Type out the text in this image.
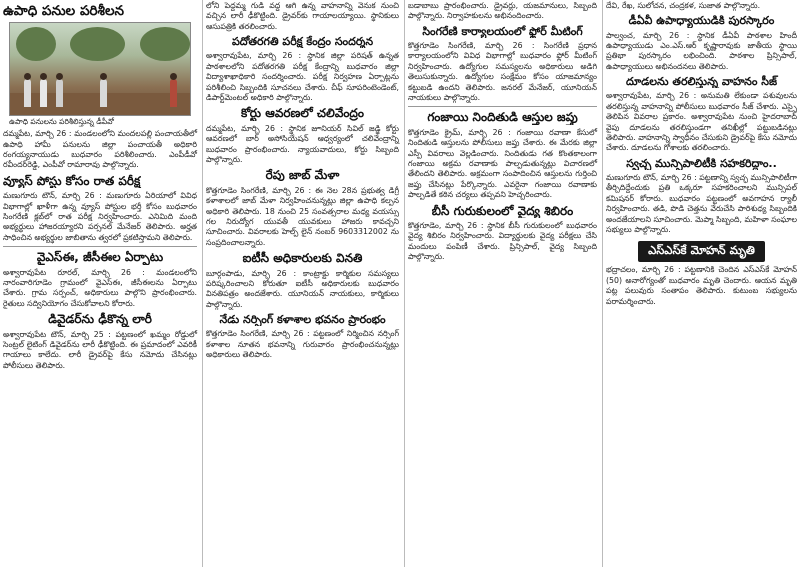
ఉపాధి పనుల పరిశీలన
ఉపాధి పనులను పరిశీలిస్తున్న డీపీవో

దమ్మపేట, మార్చి 26 : మండలంలోని మందలపల్లి పంచాయతీలో ఉపాధి హామీ పనులను జిల్లా పంచాయతీ అధికారి రంగయ్యనాయుడు బుధవారం పరిశీలించారు. ఎంపీడీవో రవీందర్‌రెడ్డి, ఎంపీవో రామారావు పాల్గొన్నారు.

వ్యూస్ పోస్టు కోసం రాత పరీక్ష

మణుగూరు టౌన్, మార్చి 26 : మణుగూరు ఏరియాలో వివిధ విభాగాల్లో ఖాళీగా ఉన్న వ్యూస్ పోస్టుల భర్తీ కోసం బుధవారం సింగరేణి క్లబ్‌లో రాత పరీక్ష నిర్వహించారు. ఎనిమిది మంది అభ్యర్థులు హాజరయ్యారని పర్సనల్ మేనేజర్ తెలిపారు. అర్హత సాధించిన అభ్యర్థుల జాబితాను త్వరలో ప్రకటిస్తామని తెలిపారు.

వైఎస్ఈ, జీసీఈల ఏర్పాటు

అశ్వారావుపేట రూరల్, మార్చి 26 : మండలంలోని నారంవారిగూడెం గ్రామంలో వైఎస్ఈ, జీసీఈలను ఏర్పాటు చేశారు. గ్రామ సర్పంచ్, అధికారులు పాల్గొని ప్రారంభించారు. రైతులు సద్వినియోగం చేసుకోవాలని కోరారు.

డివైడర్‌ను ఢీకొన్న లారీ

అశ్వారావుపేట టౌన్, మార్చి 25 : పట్టణంలో ఖమ్మం రోడ్డులో సెంట్రల్ లైటింగ్ డివైడర్‌ను లారీ ఢీకొట్టింది. ఈ ప్రమాదంలో ఎవరికీ గాయాలు కాలేదు. లారీ డ్రైవర్‌పై కేసు నమోదు చేసినట్లు పోలీసులు తెలిపారు.

లోని పెద్దమ్మ గుడి వద్ద ఆగి ఉన్న వాహనాన్ని వెనుక నుంచి వచ్చిన లారీ ఢీకొట్టింది. డ్రైవర్‌కు గాయాలయ్యాయి. స్థానికులు ఆసుపత్రికి తరలించారు.

పదోతరగతి పరీక్ష కేంద్రం సందర్శన

అశ్వారావుపేట, మార్చి 26 : స్థానిక జిల్లా పరిషత్ ఉన్నత పాఠశాలలోని పదోతరగతి పరీక్ష కేంద్రాన్ని బుధవారం జిల్లా విద్యాశాఖాధికారి సందర్శించారు. పరీక్ష నిర్వహణ ఏర్పాట్లను పరిశీలించి సిబ్బందికి సూచనలు చేశారు. చీఫ్ సూపరింటెండెంట్, డిపార్ట్‌మెంటల్ అధికారి పాల్గొన్నారు.

కోర్టు ఆవరణలో చలివేంద్రం

దమ్మపేట, మార్చి 26 : స్థానిక జూనియర్ సివిల్ జడ్జి కోర్టు ఆవరణలో బార్ అసోసియేషన్ ఆధ్వర్యంలో చలివేంద్రాన్ని బుధవారం ప్రారంభించారు. న్యాయవాదులు, కోర్టు సిబ్బంది పాల్గొన్నారు.

రేపు జాబ్ మేళా

కొత్తగూడెం సింగరేణి, మార్చి 26 : ఈ నెల 28న ప్రభుత్వ డిగ్రీ కళాశాలలో జాబ్ మేళా నిర్వహించనున్నట్లు జిల్లా ఉపాధి కల్పన అధికారి తెలిపారు. 18 నుంచి 25 సంవత్సరాల మధ్య వయస్సు గల నిరుద్యోగ యువతీ యువకులు హాజరు కావచ్చని సూచించారు. వివరాలకు హెల్ప్ లైన్ నంబర్ 9603312002 ను సంప్రదించాలన్నారు.

ఐటీసీ అధికారులకు వినతి

బూర్గంపాడు, మార్చి 26 : కాంట్రాక్టు కార్మికుల సమస్యలు పరిష్కరించాలని కోరుతూ ఐటీసీ అధికారులకు బుధవారం వినతిపత్రం అందజేశారు. యూనియన్ నాయకులు, కార్మికులు పాల్గొన్నారు.

నేడు నర్సింగ్ కళాశాల భవనం ప్రారంభం

కొత్తగూడెం సింగరేణి, మార్చి 26 : పట్టణంలో నిర్మించిన నర్సింగ్ కళాశాల నూతన భవనాన్ని గురువారం ప్రారంభించనున్నట్లు అధికారులు తెలిపారు.

బడాబాబు ప్రారంభించారు. డ్రైవర్లు, యజమానులు, సిబ్బంది పాల్గొన్నారు. నిర్వాహకులను అభినందించారు.

సింగరేణి కార్యాలయంలో ఫ్లోర్ మీటింగ్

కొత్తగూడెం సింగరేణి, మార్చి 26 : సింగరేణి ప్రధాన కార్యాలయంలోని వివిధ విభాగాల్లో బుధవారం ఫ్లోర్ మీటింగ్ నిర్వహించారు. ఉద్యోగుల సమస్యలను అధికారులు అడిగి తెలుసుకున్నారు. ఉద్యోగుల సంక్షేమం కోసం యాజమాన్యం కట్టుబడి ఉందని తెలిపారు. జనరల్ మేనేజర్, యూనియన్ నాయకులు పాల్గొన్నారు.

గంజాయి నిందితుడి ఆస్తుల జప్తు

కొత్తగూడెం క్రైమ్, మార్చి 26 : గంజాయి రవాణా కేసులో నిందితుడి ఆస్తులను పోలీసులు జప్తు చేశారు. ఈ మేరకు జిల్లా ఎస్పీ వివరాలు వెల్లడించారు. నిందితుడు గత కొంతకాలంగా గంజాయి అక్రమ రవాణాకు పాల్పడుతున్నట్లు విచారణలో తేలిందని తెలిపారు. అక్రమంగా సంపాదించిన ఆస్తులను గుర్తించి జప్తు చేసినట్లు పేర్కొన్నారు. ఎవరైనా గంజాయి రవాణాకు పాల్పడితే కఠిన చర్యలు తప్పవని హెచ్చరించారు.

బీసీ గురుకులంలో వైద్య శిబిరం

కొత్తగూడెం, మార్చి 26 : స్థానిక బీసీ గురుకులంలో బుధవారం వైద్య శిబిరం నిర్వహించారు. విద్యార్థులకు వైద్య పరీక్షలు చేసి మందులు పంపిణీ చేశారు. ప్రిన్సిపాల్, వైద్య సిబ్బంది పాల్గొన్నారు.

దేవి, రేఖ, సులోచన, చంద్రకళ, సుజాత పాల్గొన్నారు.

డీఏవీ ఉపాధ్యాయుడికి పురస్కారం

పాల్వంచ, మార్చి 26 : స్థానిక డీఏవీ పాఠశాల హిందీ ఉపాధ్యాయుడు ఎం.ఎస్.ఆర్ కృష్ణారావుకు జాతీయ స్థాయి ప్రతిభా పురస్కారం లభించింది. పాఠశాల ప్రిన్సిపాల్, ఉపాధ్యాయులు అభినందనలు తెలిపారు.

దూడలను తరలిస్తున్న వాహనం సీజ్

అశ్వారావుపేట, మార్చి 26 : అనుమతి లేకుండా పశువులను తరలిస్తున్న వాహనాన్ని పోలీసులు బుధవారం సీజ్ చేశారు. ఎస్సై తెలిపిన వివరాల ప్రకారం. అశ్వారావుపేట నుంచి హైదరాబాద్ వైపు దూడలను తరలిస్తుండగా తనిఖీల్లో పట్టుబడినట్లు తెలిపారు. వాహనాన్ని స్వాధీనం చేసుకుని డ్రైవర్‌పై కేసు నమోదు చేశారు. దూడలను గోశాలకు తరలించారు.

స్వచ్ఛ మున్సిపాలిటీకి సహకరిద్దాం..

మణుగూరు టౌన్, మార్చి 26 : పట్టణాన్ని స్వచ్ఛ మున్సిపాలిటీగా తీర్చిదిద్దేందుకు ప్రతి ఒక్కరూ సహకరించాలని మున్సిపల్ కమిషనర్ కోరారు. బుధవారం పట్టణంలో అవగాహన ర్యాలీ నిర్వహించారు. తడి, పొడి చెత్తను వేరుచేసి పారిశుధ్య సిబ్బందికి అందజేయాలని సూచించారు. మెప్మా సిబ్బంది, మహిళా సంఘాల సభ్యులు పాల్గొన్నారు.

ఎస్ఎస్‌కే మోహన్ మృతి

భద్రాచలం, మార్చి 26 : పట్టణానికి చెందిన ఎస్ఎస్‌కే మోహన్ (50) అనారోగ్యంతో బుధవారం మృతి చెందారు. ఆయన మృతి పట్ల పలువురు సంతాపం తెలిపారు. కుటుంబ సభ్యులను పరామర్శించారు.
